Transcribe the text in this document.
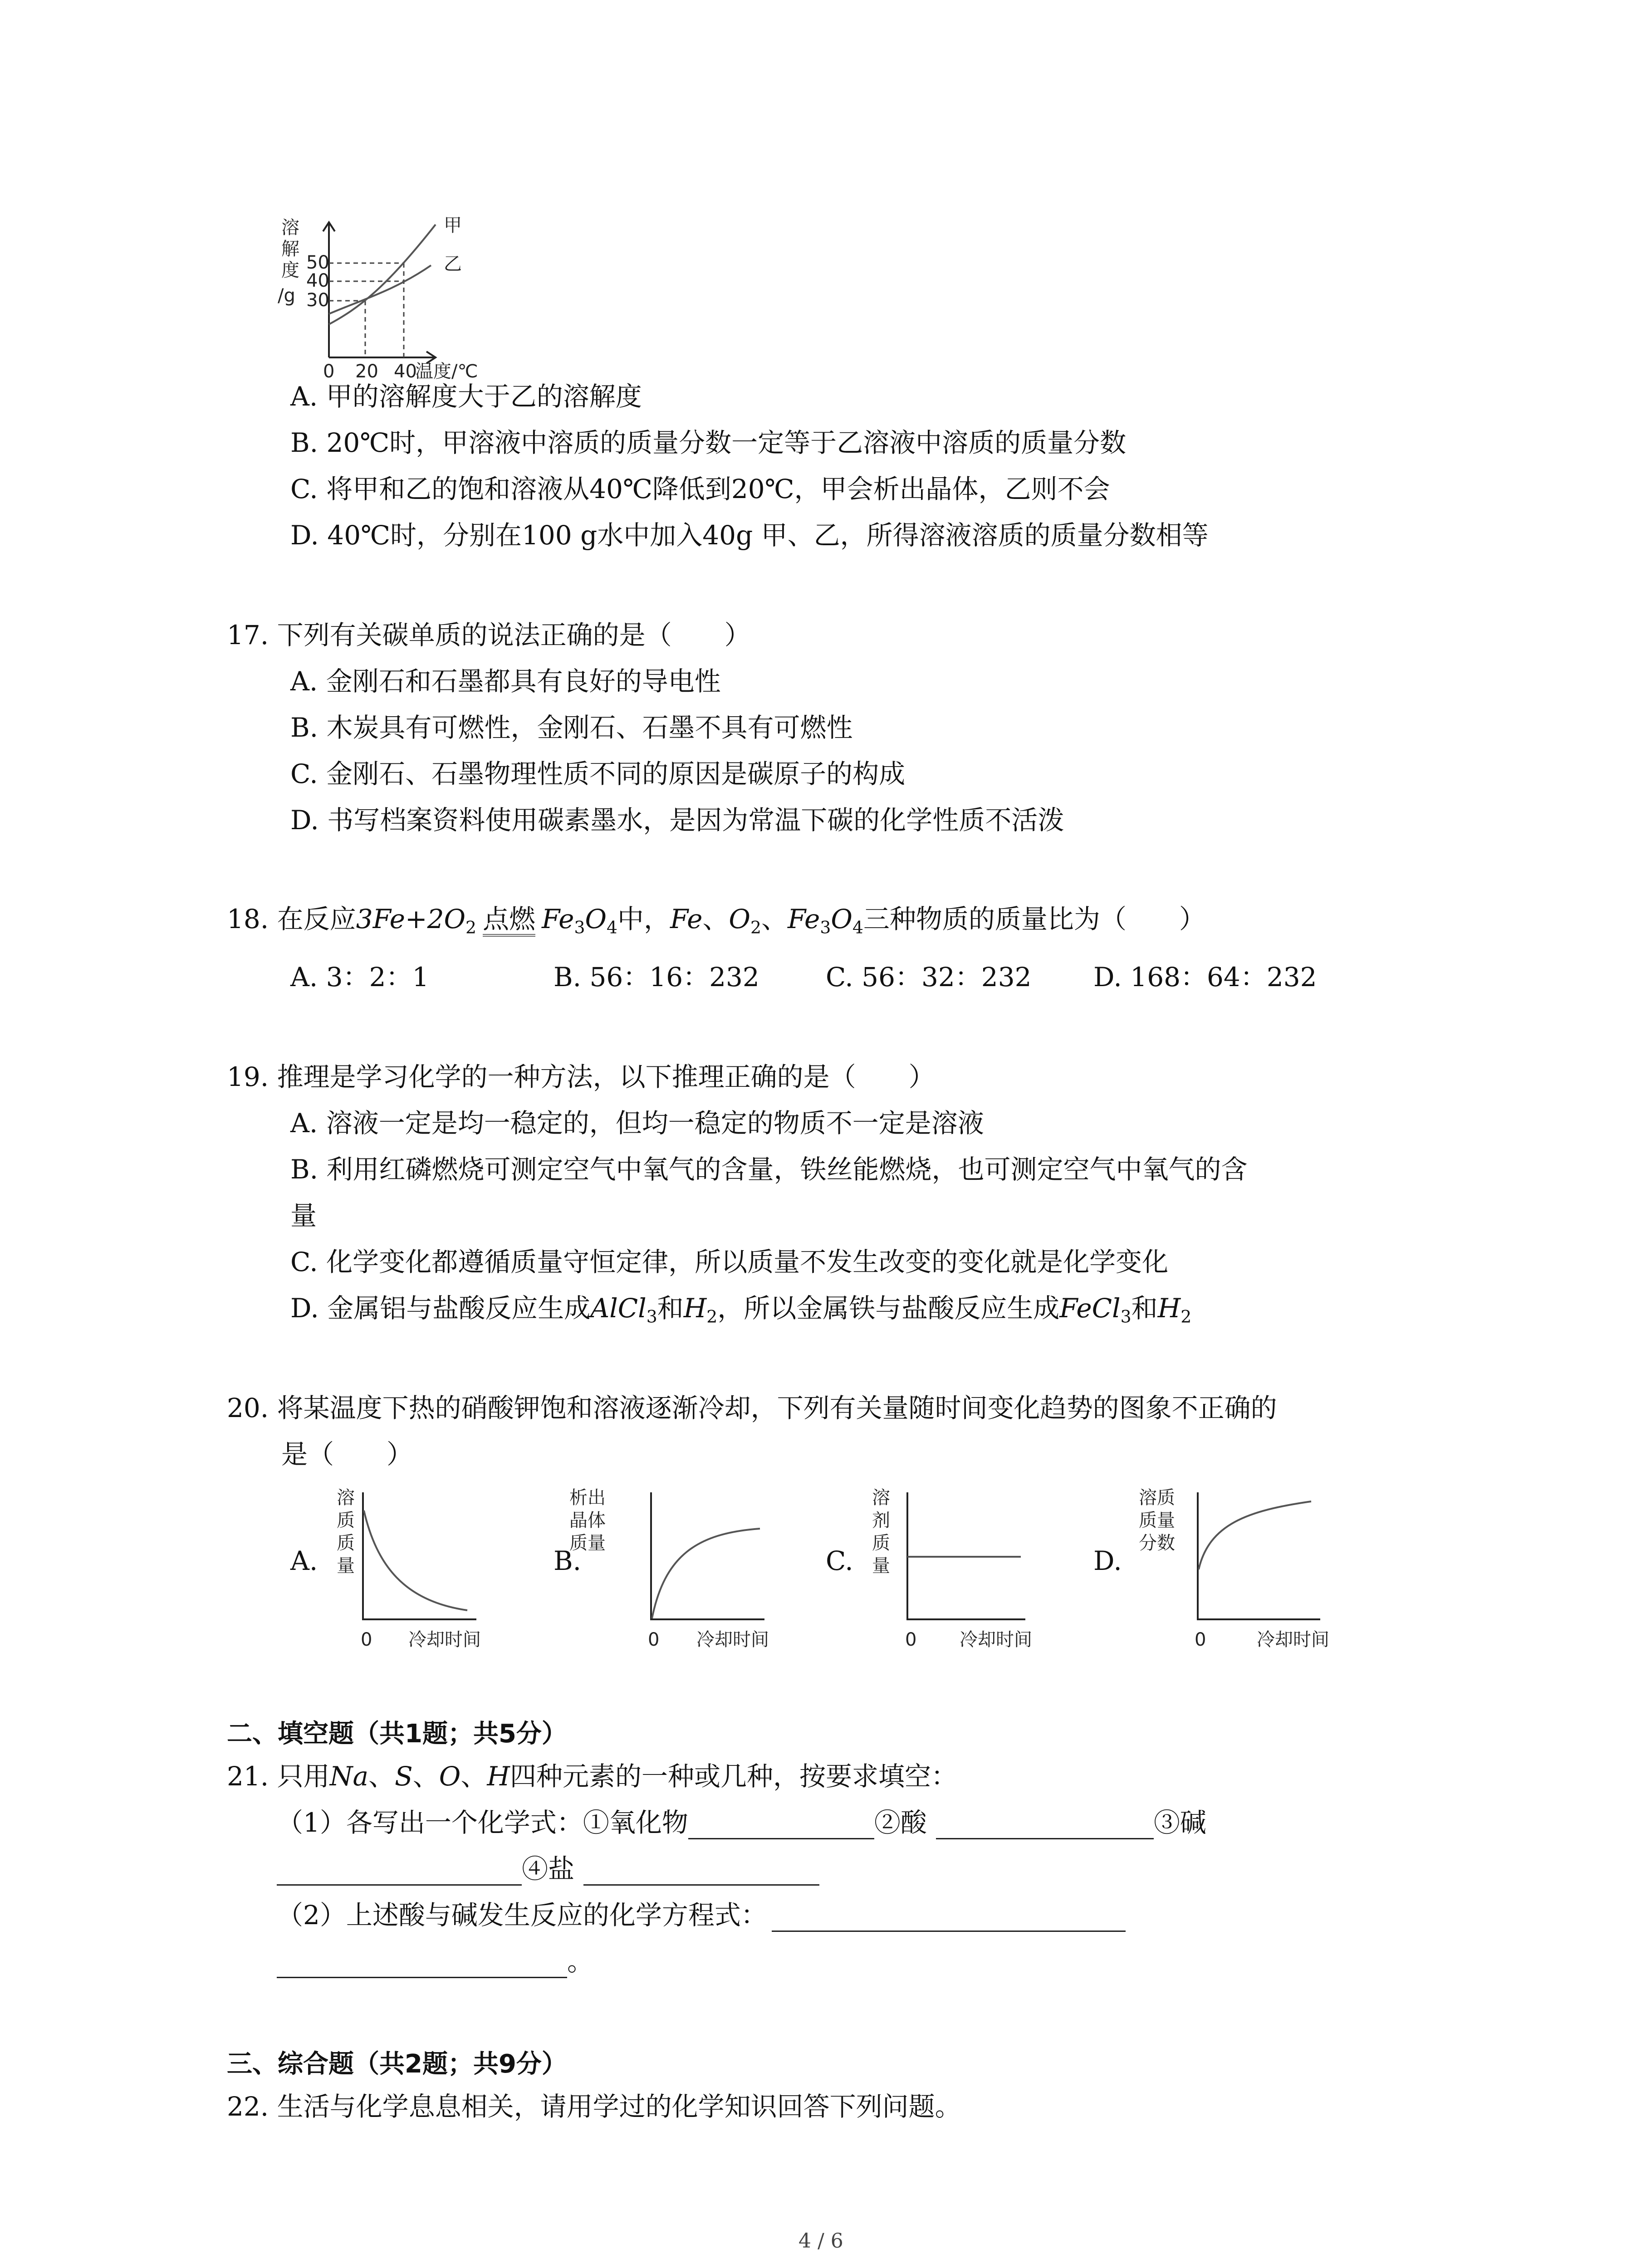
溶
解
度
/g
50
40
30
甲
乙
0 20 40
温度/℃
A. 甲的溶解度大于乙的溶解度
B. 20℃时，甲溶液中溶质的质量分数一定等于乙溶液中溶质的质量分数
C. 将甲和乙的饱和溶液从40℃降低到20℃，甲会析出晶体，乙则不会
D. 40℃时，分别在100 g水中加入40g 甲、乙，所得溶液溶质的质量分数相等
17. 下列有关碳单质的说法正确的是（　　）
A. 金刚石和石墨都具有良好的导电性
B. 木炭具有可燃性，金刚石、石墨不具有可燃性
C. 金刚石、石墨物理性质不同的原因是碳原子的构成
D. 书写档案资料使用碳素墨水，是因为常温下碳的化学性质不活泼
18. 在反应$3Fe+2O_2$ 点燃 $Fe_3O_4$中，Fe、$O_2$、$Fe_3O_4$三种物质的质量比为（　　）
A. 3：2：1	B. 56：16：232	C. 56：32：232 D. 168：64：232
19. 推理是学习化学的一种方法，以下推理正确的是（　　）
A. 溶液一定是均一稳定的，但均一稳定的物质不一定是溶液
B. 利用红磷燃烧可测定空气中氧气的含量，铁丝能燃烧，也可测定空气中氧气的含
量
C. 化学变化都遵循质量守恒定律，所以质量不发生改变的变化就是化学变化
D. 金属铝与盐酸反应生成AlCl$_3$和$H_2$，所以金属铁与盐酸反应生成FeCl$_3$和$H_2$
20. 将某温度下热的硝酸钾饱和溶液逐渐冷却，下列有关量随时间变化趋势的图象不正确的
是（　　）
A.
溶
质
质
量
0 冷却时间
B.
析出
晶体
质量
0 冷却时间
C.
溶
剂
质
量
0 冷却时间
D.
溶质
质量
分数
0	冷却时间
二、填空题（共1题；共5分）
21. 只用Na、S、O、H四种元素的一种或几种，按要求填空：
（1）各写出一个化学式：①氧化物	②酸	③碱
④盐
（2）上述酸与碱发生反应的化学方程式：
。
三、综合题（共2题；共9分）
22. 生活与化学息息相关，请用学过的化学知识回答下列问题。
4 / 6
